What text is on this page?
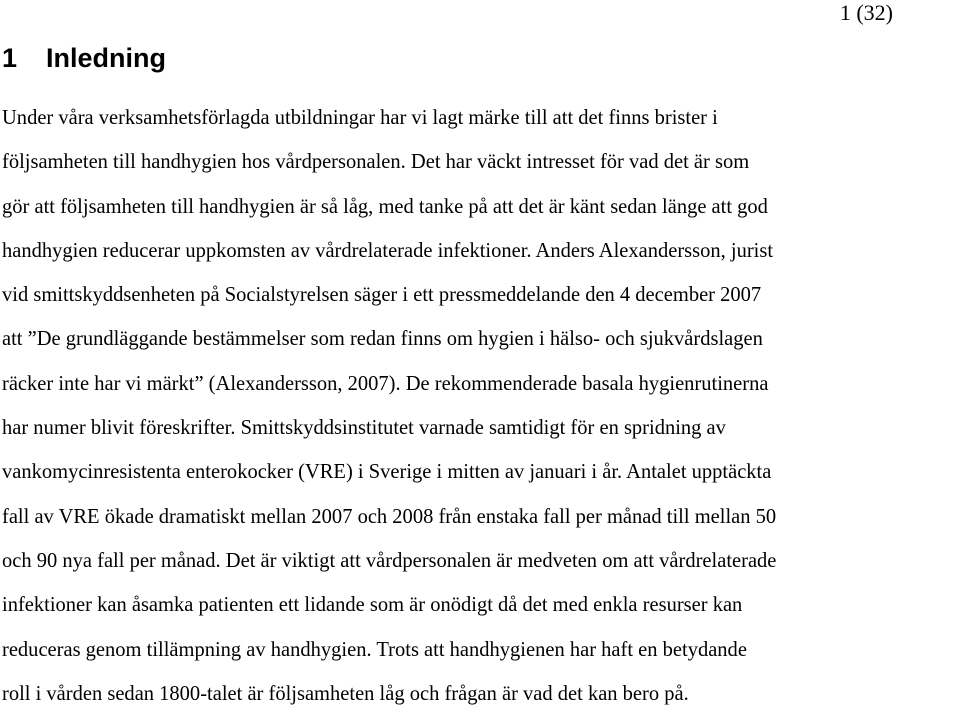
1 (32)
1 Inledning
Under våra verksamhetsförlagda utbildningar har vi lagt märke till att det finns brister i
följsamheten till handhygien hos vårdpersonalen. Det har väckt intresset för vad det är som
gör att följsamheten till handhygien är så låg, med tanke på att det är känt sedan länge att god
handhygien reducerar uppkomsten av vårdrelaterade infektioner. Anders Alexandersson, jurist
vid smittskyddsenheten på Socialstyrelsen säger i ett pressmeddelande den 4 december 2007
att ”De grundläggande bestämmelser som redan finns om hygien i hälso- och sjukvårdslagen
räcker inte har vi märkt” (Alexandersson, 2007). De rekommenderade basala hygienrutinerna
har numer blivit föreskrifter. Smittskyddsinstitutet varnade samtidigt för en spridning av
vankomycinresistenta enterokocker (VRE) i Sverige i mitten av januari i år. Antalet upptäckta
fall av VRE ökade dramatiskt mellan 2007 och 2008 från enstaka fall per månad till mellan 50
och 90 nya fall per månad. Det är viktigt att vårdpersonalen är medveten om att vårdrelaterade
infektioner kan åsamka patienten ett lidande som är onödigt då det med enkla resurser kan
reduceras genom tillämpning av handhygien. Trots att handhygienen har haft en betydande
roll i vården sedan 1800-talet är följsamheten låg och frågan är vad det kan bero på.
